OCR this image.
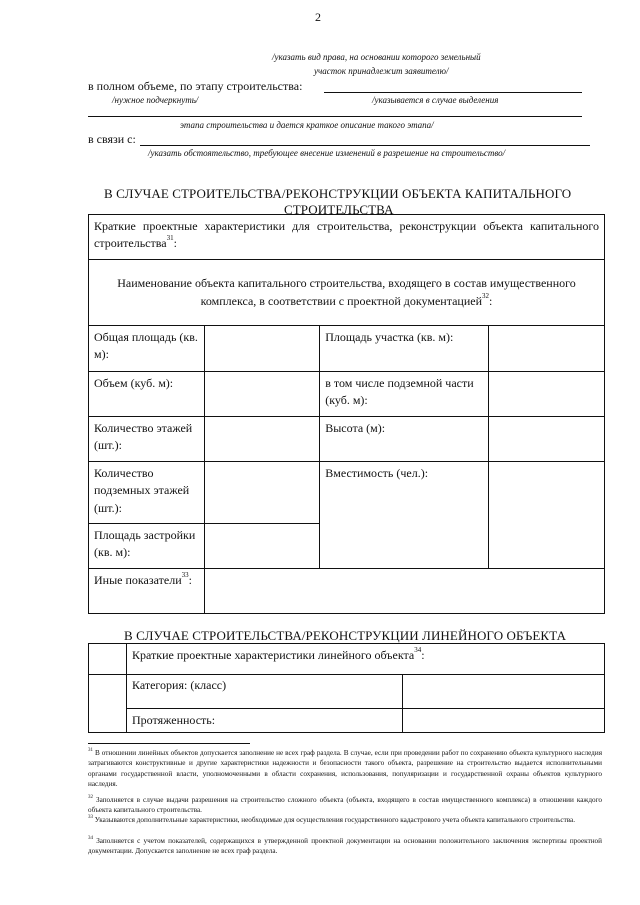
2
/указать вид права, на основании которого земельный
участок принадлежит заявителю/
в полном объеме, по этапу строительства:
/нужное подчеркнуть/	/указывается в случае выделения
этапа строительства и дается краткое описание такого этапа/
в связи с:
/указать обстоятельство, требующее внесение изменений в разрешение на строительство/
В СЛУЧАЕ СТРОИТЕЛЬСТВА/РЕКОНСТРУКЦИИ ОБЪЕКТА КАПИТАЛЬНОГО
СТРОИТЕЛЬСТВА
Краткие проектные характеристики для строительства, реконструкции объекта капитального строительства$^{31}$:			
Наименование объекта капитального строительства, входящего в состав имущественного комплекса, в соответствии с проектной документацией$^{32}$:			
Общая площадь (кв. м):		Площадь участка (кв. м):	
Объем (куб. м):		в том числе подземной части (куб. м):	
Количество этажей (шт.):		Высота (м):	
Количество подземных этажей (шт.):		Вместимость (чел.):	
Площадь застройки (кв. м):			
Иные показатели$^{33}$:			
В СЛУЧАЕ СТРОИТЕЛЬСТВА/РЕКОНСТРУКЦИИ ЛИНЕЙНОГО ОБЪЕКТА
	Краткие проектные характеристики линейного объекта$^{34}$:	
	Категория: (класс)	
	Протяженность:	
$^{31}$ В отношении линейных объектов допускается заполнение не всех граф раздела. В случае, если при проведении работ по сохранению объекта культурного наследия затрагиваются конструктивные и другие характеристики надежности и безопасности такого объекта, разрешение на строительство выдается исполнительными органами государственной власти, уполномоченными в области сохранения, использования, популяризации и государственной охраны объектов культурного наследия.
$^{32}$ Заполняется в случае выдачи разрешения на строительство сложного объекта (объекта, входящего в состав имущественного комплекса) в отношении каждого объекта капитального строительства.
$^{33}$ Указываются дополнительные характеристики, необходимые для осуществления государственного кадастрового учета объекта капитального строительства.
$^{34}$ Заполняется с учетом показателей, содержащихся в утвержденной проектной документации на основании положительного заключения экспертизы проектной документации. Допускается заполнение не всех граф раздела.
